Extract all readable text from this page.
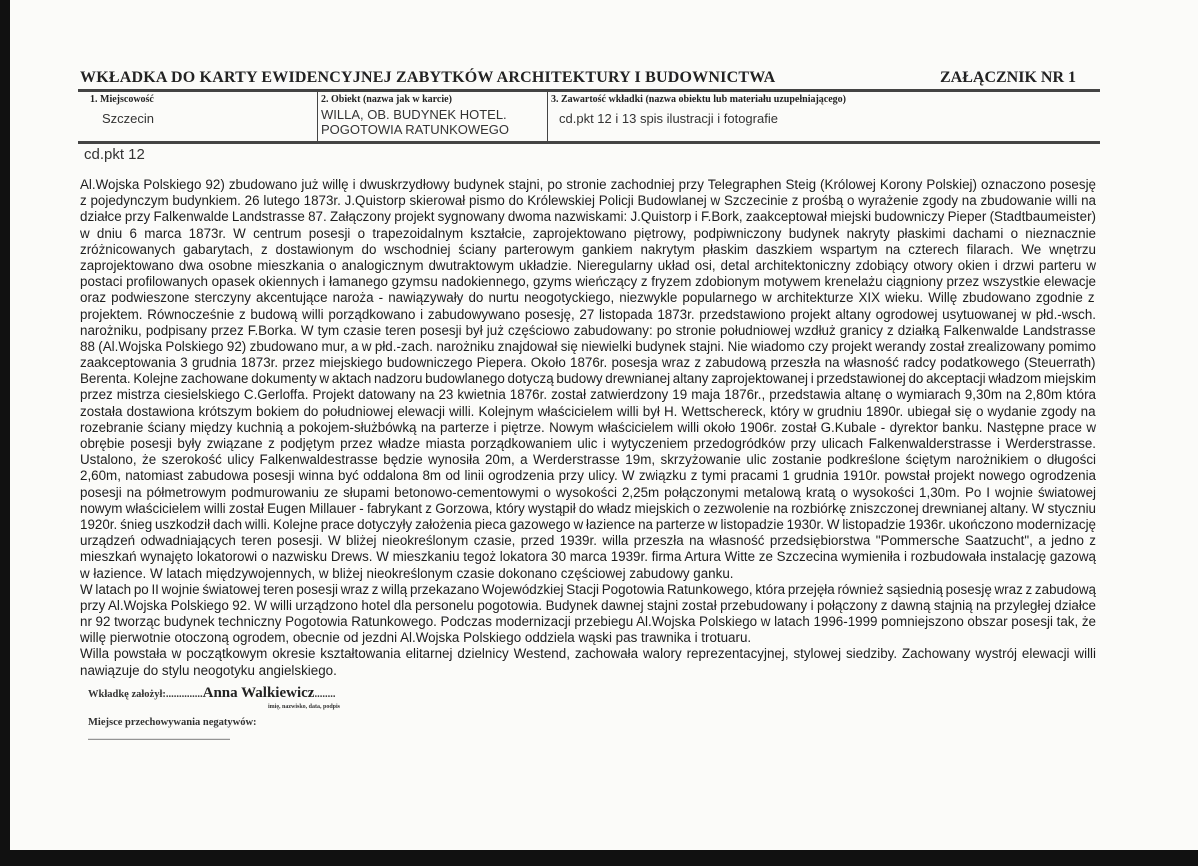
WKŁADKA DO KARTY EWIDENCYJNEJ ZABYTKÓW ARCHITEKTURY I BUDOWNICTWA	ZAŁĄCZNIK NR 1
1. Miejscowość
Szczecin
2. Obiekt (nazwa jak w karcie)
WILLA, OB. BUDYNEK HOTEL.
POGOTOWIA RATUNKOWEGO
3. Zawartość wkładki (nazwa obiektu lub materiału uzupełniającego)
cd.pkt 12 i 13 spis ilustracji i fotografie
cd.pkt 12
Al.Wojska Polskiego 92) zbudowano już willę i dwuskrzydłowy budynek stajni, po stronie zachodniej przy Telegraphen Steig (Królowej Korony Polskiej) oznaczono posesję
z pojedynczym budynkiem. 26 lutego 1873r. J.Quistorp skierował pismo do Królewskiej Policji Budowlanej w Szczecinie z prośbą o wyrażenie zgody na zbudowanie willi na
działce przy Falkenwalde Landstrasse 87. Załączony projekt sygnowany dwoma nazwiskami: J.Quistorp i F.Bork, zaakceptował miejski budowniczy Pieper (Stadtbaumeister)
w dniu 6 marca 1873r. W centrum posesji o trapezoidalnym kształcie, zaprojektowano piętrowy, podpiwniczony budynek nakryty płaskimi dachami o nieznacznie
zróżnicowanych gabarytach, z dostawionym do wschodniej ściany parterowym gankiem nakrytym płaskim daszkiem wspartym na czterech filarach. We wnętrzu
zaprojektowano dwa osobne mieszkania o analogicznym dwutraktowym układzie. Nieregularny układ osi, detal architektoniczny zdobiący otwory okien i drzwi parteru w
postaci profilowanych opasek okiennych i łamanego gzymsu nadokiennego, gzyms wieńczący z fryzem zdobionym motywem krenelażu ciągniony przez wszystkie elewacje
oraz podwieszone sterczyny akcentujące naroża - nawiązywały do nurtu neogotyckiego, niezwykle popularnego w architekturze XIX wieku. Willę zbudowano zgodnie z
projektem. Równocześnie z budową willi porządkowano i zabudowywano posesję, 27 listopada 1873r. przedstawiono projekt altany ogrodowej usytuowanej w płd.-wsch.
narożniku, podpisany przez F.Borka. W tym czasie teren posesji był już częściowo zabudowany: po stronie południowej wzdłuż granicy z działką Falkenwalde Landstrasse
88 (Al.Wojska Polskiego 92) zbudowano mur, a w płd.-zach. narożniku znajdował się niewielki budynek stajni. Nie wiadomo czy projekt werandy został zrealizowany pomimo
zaakceptowania 3 grudnia 1873r. przez miejskiego budowniczego Piepera. Około 1876r. posesja wraz z zabudową przeszła na własność radcy podatkowego (Steuerrath)
Berenta. Kolejne zachowane dokumenty w aktach nadzoru budowlanego dotyczą budowy drewnianej altany zaprojektowanej i przedstawionej do akceptacji władzom miejskim
przez mistrza ciesielskiego C.Gerloffa. Projekt datowany na 23 kwietnia 1876r. został zatwierdzony 19 maja 1876r., przedstawia altanę o wymiarach 9,30m na 2,80m która
została dostawiona krótszym bokiem do południowej elewacji willi. Kolejnym właścicielem willi był H. Wettschereck, który w grudniu 1890r. ubiegał się o wydanie zgody na
rozebranie ściany między kuchnią a pokojem-służbówką na parterze i piętrze. Nowym właścicielem willi około 1906r. został G.Kubale - dyrektor banku. Następne prace w
obrębie posesji były związane z podjętym przez władze miasta porządkowaniem ulic i wytyczeniem przedogródków przy ulicach Falkenwalderstrasse i Werderstrasse.
Ustalono, że szerokość ulicy Falkenwaldestrasse będzie wynosiła 20m, a Werderstrasse 19m, skrzyżowanie ulic zostanie podkreślone ściętym narożnikiem o długości
2,60m, natomiast zabudowa posesji winna być oddalona 8m od linii ogrodzenia przy ulicy. W związku z tymi pracami 1 grudnia 1910r. powstał projekt nowego ogrodzenia
posesji na półmetrowym podmurowaniu ze słupami betonowo-cementowymi o wysokości 2,25m połączonymi metalową kratą o wysokości 1,30m. Po I wojnie światowej
nowym właścicielem willi został Eugen Millauer - fabrykant z Gorzowa, który wystąpił do władz miejskich o zezwolenie na rozbiórkę zniszczonej drewnianej altany. W styczniu
1920r. śnieg uszkodził dach willi. Kolejne prace dotyczyły założenia pieca gazowego w łazience na parterze w listopadzie 1930r. W listopadzie 1936r. ukończono modernizację
urządzeń odwadniających teren posesji. W bliżej nieokreślonym czasie, przed 1939r. willa przeszła na własność przedsiębiorstwa "Pommersche Saatzucht", a jedno z
mieszkań wynajęto lokatorowi o nazwisku Drews. W mieszkaniu tegoż lokatora 30 marca 1939r. firma Artura Witte ze Szczecina wymieniła i rozbudowała instalację gazową
w łazience. W latach międzywojennych, w bliżej nieokreślonym czasie dokonano częściowej zabudowy ganku.
W latach po II wojnie światowej teren posesji wraz z willą przekazano Wojewódzkiej Stacji Pogotowia Ratunkowego, która przejęła również sąsiednią posesję wraz z zabudową
przy Al.Wojska Polskiego 92. W willi urządzono hotel dla personelu pogotowia. Budynek dawnej stajni został przebudowany i połączony z dawną stajnią na przyległej działce
nr 92 tworząc budynek techniczny Pogotowia Ratunkowego. Podczas modernizacji przebiegu Al.Wojska Polskiego w latach 1996-1999 pomniejszono obszar posesji tak, że
willę pierwotnie otoczoną ogrodem, obecnie od jezdni Al.Wojska Polskiego oddziela wąski pas trawnika i trotuaru.
Willa powstała w początkowym okresie kształtowania elitarnej dzielnicy Westend, zachowała walory reprezentacyjnej, stylowej siedziby. Zachowany wystrój elewacji willi
nawiązuje do stylu neogotyku angielskiego.
Wkładkę założył:..............Anna Walkiewicz........
imię, nazwisko, data, podpis
Miejsce przechowywania negatywów:
.......................................................................
